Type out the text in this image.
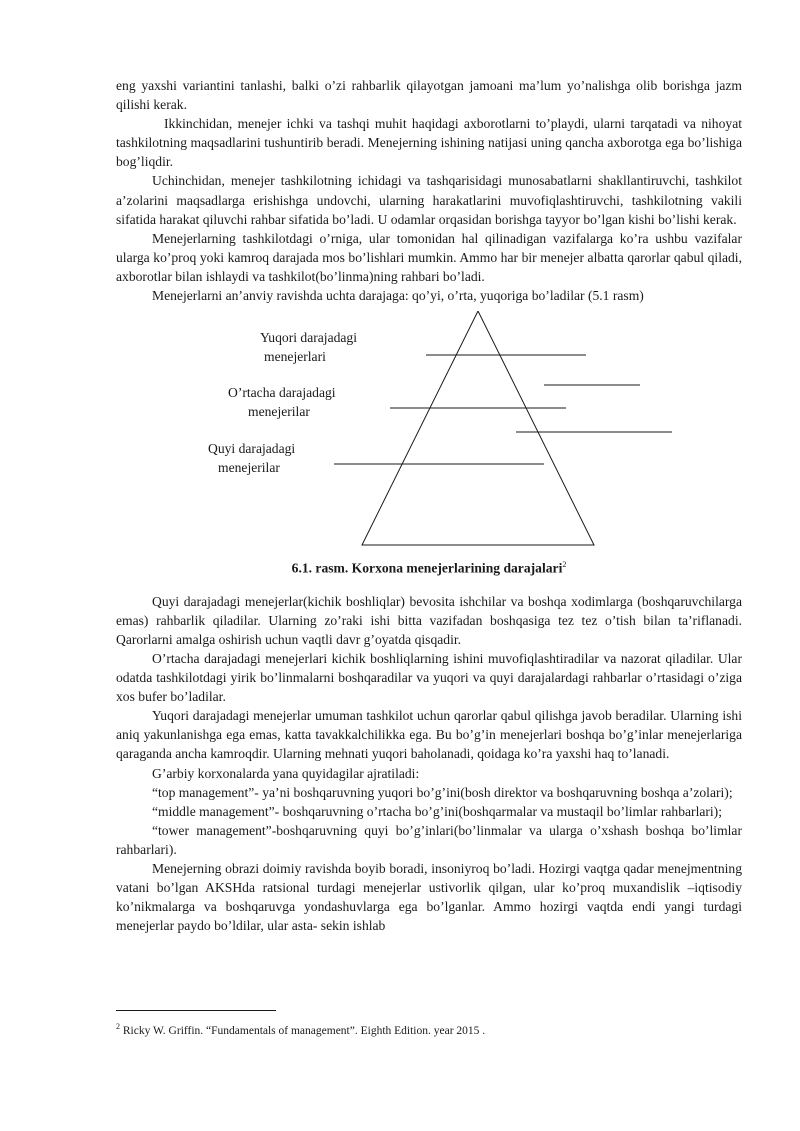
eng yaxshi variantini tanlashi, balki o’zi rahbarlik qilayotgan jamoani ma’lum yo’nalishga olib borishga jazm qilishi kerak.

Ikkinchidan, menejer ichki va tashqi muhit haqidagi axborotlarni to’playdi, ularni tarqatadi va nihoyat tashkilotning maqsadlarini tushuntirib beradi. Menejerning ishining natijasi uning qancha axborotga ega bo’lishiga bog’liqdir.

Uchinchidan, menejer tashkilotning ichidagi va tashqarisidagi munosabatlarni shakllantiruvchi, tashkilot a’zolarini maqsadlarga erishishga undovchi, ularning harakatlarini muvofiqlashtiruvchi, tashkilotning vakili sifatida harakat qiluvchi rahbar sifatida bo’ladi. U odamlar orqasidan borishga tayyor bo’lgan kishi bo’lishi kerak.

Menejerlarning tashkilotdagi o’rniga, ular tomonidan hal qilinadigan vazifalarga ko’ra ushbu vazifalar ularga ko’proq yoki kamroq darajada mos bo’lishlari mumkin. Ammo har bir menejer albatta qarorlar qabul qiladi, axborotlar bilan ishlaydi va tashkilot(bo’linma)ning rahbari bo’ladi.

Menejerlarni an’anviy ravishda uchta darajaga: qo’yi, o’rta, yuqoriga bo’ladilar (5.1 rasm)

Yuqori darajadagi
menejerlari
O’rtacha darajadagi
menejerilar
Quyi darajadagi
menejerilar
6.1. rasm. Korxona menejerlarining darajalari$^2$

Quyi darajadagi menejerlar(kichik boshliqlar) bevosita ishchilar va boshqa xodimlarga (boshqaruvchilarga emas) rahbarlik qiladilar. Ularning zo’raki ishi bitta vazifadan boshqasiga tez tez o’tish bilan ta’riflanadi. Qarorlarni amalga oshirish uchun vaqtli davr g’oyatda qisqadir.

O’rtacha darajadagi menejerlari kichik boshliqlarning ishini muvofiqlashtiradilar va nazorat qiladilar. Ular odatda tashkilotdagi yirik bo’linmalarni boshqaradilar va yuqori va quyi darajalardagi rahbarlar o’rtasidagi o’ziga xos bufer bo’ladilar.

Yuqori darajadagi menejerlar umuman tashkilot uchun qarorlar qabul qilishga javob beradilar. Ularning ishi aniq yakunlanishga ega emas, katta tavakkalchilikka ega. Bu bo’g’in menejerlari boshqa bo’g’inlar menejerlariga qaraganda ancha kamroqdir. Ularning mehnati yuqori baholanadi, qoidaga ko’ra yaxshi haq to’lanadi.

G’arbiy korxonalarda yana quyidagilar ajratiladi:

“top management”- ya’ni boshqaruvning yuqori bo’g’ini(bosh direktor va boshqaruvning boshqa a’zolari);

“middle management”- boshqaruvning o’rtacha bo’g’ini(boshqarmalar va mustaqil bo’limlar rahbarlari);

“tower management”-boshqaruvning quyi bo’g’inlari(bo’linmalar va ularga o’xshash boshqa bo’limlar rahbarlari).

Menejerning obrazi doimiy ravishda boyib boradi, insoniyroq bo’ladi. Hozirgi vaqtga qadar menejmentning vatani bo’lgan AKSHda ratsional turdagi menejerlar ustivorlik qilgan, ular ko’proq muxandislik –iqtisodiy ko’nikmalarga va boshqaruvga yondashuvlarga ega bo’lganlar. Ammo hozirgi vaqtda endi yangi turdagi menejerlar paydo bo’ldilar, ular asta- sekin ishlab

$^2$ Ricky W. Griffin. “Fundamentals of management”. Eighth Edition. year 2015 .
